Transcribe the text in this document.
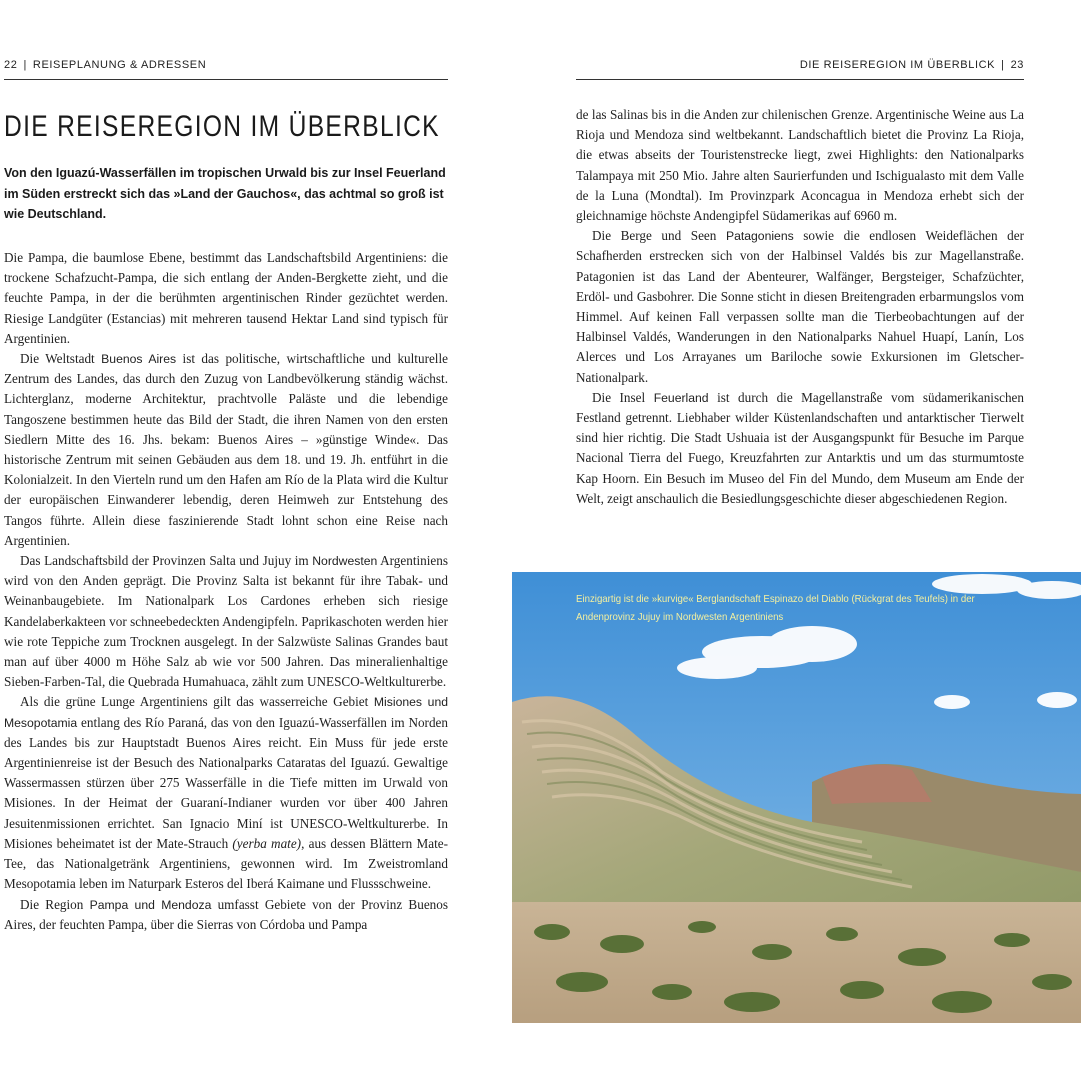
22 | REISEPLANUNG & ADRESSEN	DIE REISEREGION IM ÜBERBLICK | 23
DIE REISEREGION IM ÜBERBLICK

Von den Iguazú-Wasserfällen im tropischen Urwald bis zur Insel Feuerland im Süden erstreckt sich das »Land der Gauchos«, das achtmal so groß ist wie Deutschland.

Die Pampa, die baumlose Ebene, bestimmt das Landschaftsbild Argentiniens: die trockene Schafzucht-Pampa, die sich entlang der Anden-Bergkette zieht, und die feuchte Pampa, in der die berühmten argentinischen Rinder gezüchtet werden. Riesige Landgüter (Estancias) mit mehreren tausend Hektar Land sind typisch für Argentinien.

Die Weltstadt Buenos Aires ist das politische, wirtschaftliche und kulturelle Zentrum des Landes, das durch den Zuzug von Landbevölkerung ständig wächst. Lichterglanz, moderne Architektur, prachtvolle Paläste und die lebendige Tangoszene bestimmen heute das Bild der Stadt, die ihren Namen von den ersten Siedlern Mitte des 16. Jhs. bekam: Buenos Aires – »günstige Winde«. Das historische Zentrum mit seinen Gebäuden aus dem 18. und 19. Jh. entführt in die Kolonialzeit. In den Vierteln rund um den Hafen am Río de la Plata wird die Kultur der europäischen Einwanderer lebendig, deren Heimweh zur Entstehung des Tangos führte. Allein diese faszinierende Stadt lohnt schon eine Reise nach Argentinien.

Das Landschaftsbild der Provinzen Salta und Jujuy im Nordwesten Argentiniens wird von den Anden geprägt. Die Provinz Salta ist bekannt für ihre Tabak- und Weinanbaugebiete. Im Nationalpark Los Cardones erheben sich riesige Kandelaberkakteen vor schneebedeckten Andengipfeln. Paprikaschoten werden hier wie rote Teppiche zum Trocknen ausgelegt. In der Salzwüste Salinas Grandes baut man auf über 4000 m Höhe Salz ab wie vor 500 Jahren. Das mineralienhaltige Sieben-Farben-Tal, die Quebrada Humahuaca, zählt zum UNESCO-Weltkulturerbe.

Als die grüne Lunge Argentiniens gilt das wasserreiche Gebiet Misiones und Mesopotamia entlang des Río Paraná, das von den Iguazú-Wasserfällen im Norden des Landes bis zur Hauptstadt Buenos Aires reicht. Ein Muss für jede erste Argentinienreise ist der Besuch des Nationalparks Cataratas del Iguazú. Gewaltige Wassermassen stürzen über 275 Wasserfälle in die Tiefe mitten im Urwald von Misiones. In der Heimat der Guaraní-Indianer wurden vor über 400 Jahren Jesuitenmissionen errichtet. San Ignacio Miní ist UNESCO-Weltkulturerbe. In Misiones beheimatet ist der Mate-Strauch (yerba mate), aus dessen Blättern Mate-Tee, das Nationalgetränk Argentiniens, gewonnen wird. Im Zweistromland Mesopotamia leben im Naturpark Esteros del Iberá Kaimane und Flussschweine.

Die Region Pampa und Mendoza umfasst Gebiete von der Provinz Buenos Aires, der feuchten Pampa, über die Sierras von Córdoba und Pampa

de las Salinas bis in die Anden zur chilenischen Grenze. Argentinische Weine aus La Rioja und Mendoza sind weltbekannt. Landschaftlich bietet die Provinz La Rioja, die etwas abseits der Touristenstrecke liegt, zwei Highlights: den Nationalparks Talampaya mit 250 Mio. Jahre alten Saurierfunden und Ischigualasto mit dem Valle de la Luna (Mondtal). Im Provinzpark Aconcagua in Mendoza erhebt sich der gleichnamige höchste Andengipfel Südamerikas auf 6960 m.

Die Berge und Seen Patagoniens sowie die endlosen Weideflächen der Schafherden erstrecken sich von der Halbinsel Valdés bis zur Magellanstraße. Patagonien ist das Land der Abenteurer, Walfänger, Bergsteiger, Schafzüchter, Erdöl- und Gasbohrer. Die Sonne sticht in diesen Breitengraden erbarmungslos vom Himmel. Auf keinen Fall verpassen sollte man die Tierbeobachtungen auf der Halbinsel Valdés, Wanderungen in den Nationalparks Nahuel Huapí, Lanín, Los Alerces und Los Arrayanes um Bariloche sowie Exkursionen im Gletscher-Nationalpark.

Die Insel Feuerland ist durch die Magellanstraße vom südamerikanischen Festland getrennt. Liebhaber wilder Küstenlandschaften und antarktischer Tierwelt sind hier richtig. Die Stadt Ushuaia ist der Ausgangspunkt für Besuche im Parque Nacional Tierra del Fuego, Kreuzfahrten zur Antarktis und um das sturmumtoste Kap Hoorn. Ein Besuch im Museo del Fin del Mundo, dem Museum am Ende der Welt, zeigt anschaulich die Besiedlungsgeschichte dieser abgeschiedenen Region.

Einzigartig ist die »kurvige« Berglandschaft Espinazo del Diablo (Rückgrat des Teufels) in der Andenprovinz Jujuy im Nordwesten Argentiniens
